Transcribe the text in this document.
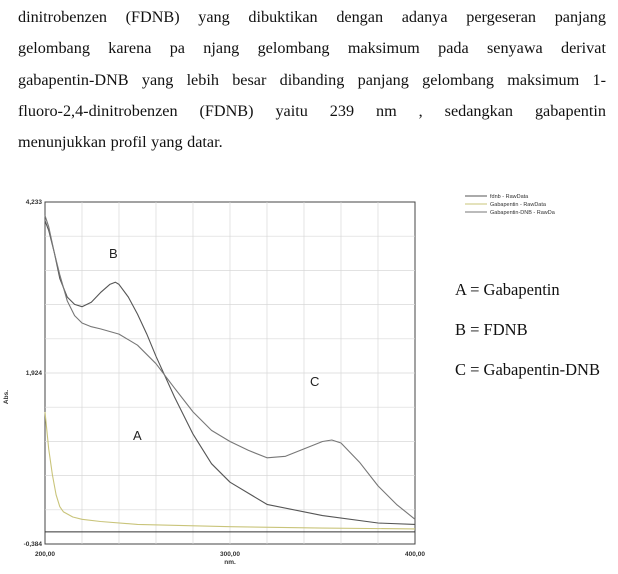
dinitrobenzen (FDNB) yang dibuktikan dengan adanya pergeseran panjang
gelombang karena pa njang gelombang maksimum pada senyawa derivat
gabapentin-DNB yang lebih besar dibanding panjang gelombang maksimum 1-
fluoro-2,4-dinitrobenzen (FDNB) yaitu 239 nm , sedangkan gabapentin
menunjukkan profil yang datar.
4,233
1,924
-0,384
200,00	300,00	400,00
nm.
Abs.
B
A
C
fdnb - RawData
Gabapentin - RawData
Gabapentin-DNB - RawDa
A = Gabapentin
B = FDNB
C = Gabapentin-DNB
